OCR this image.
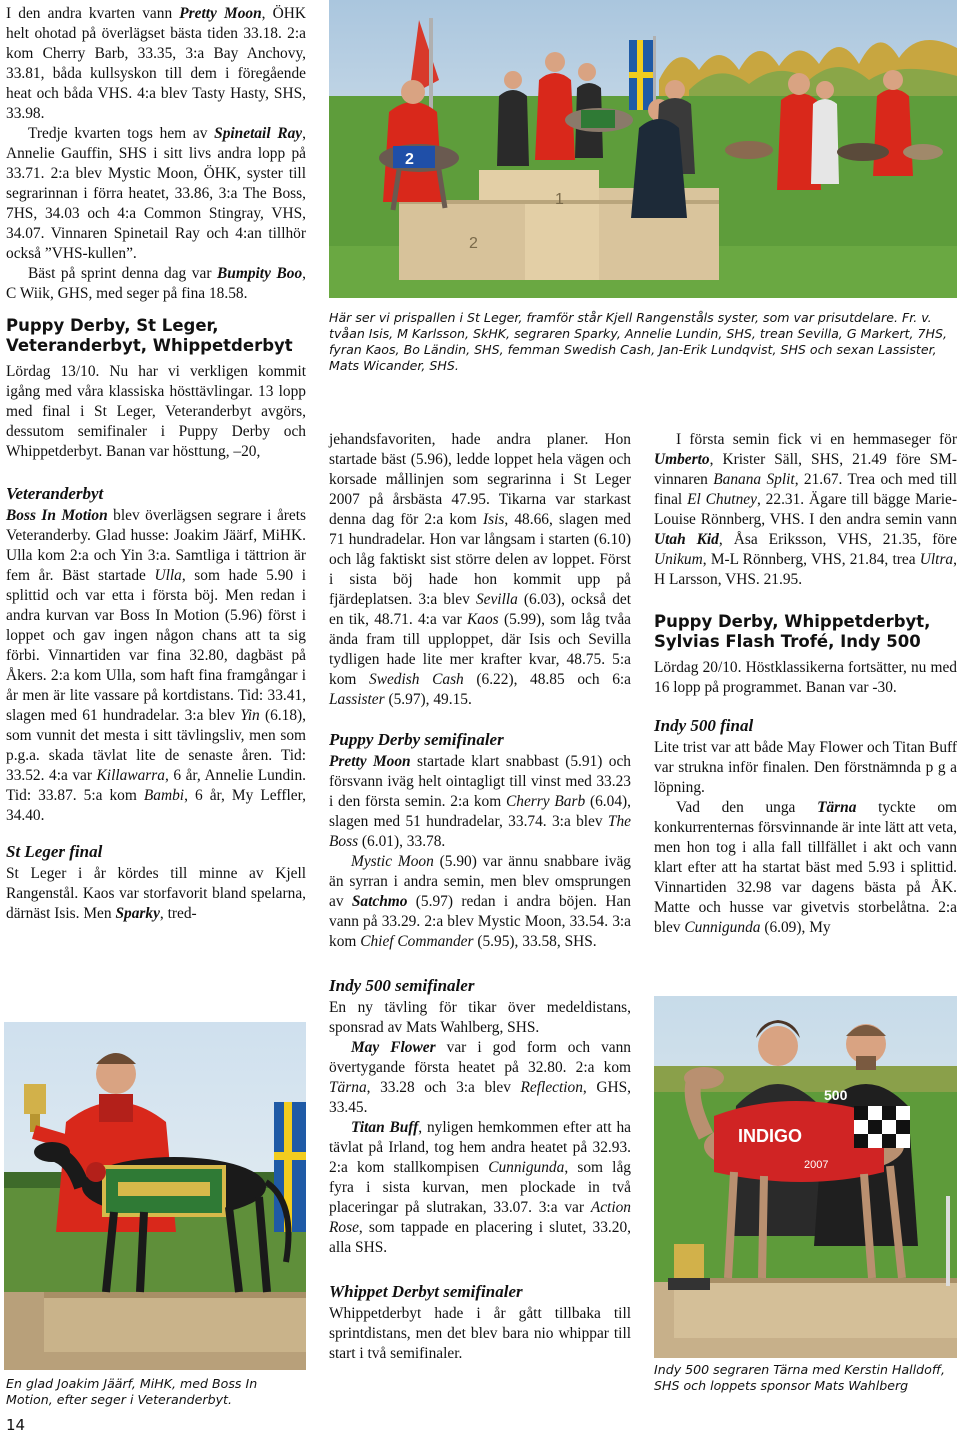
I den andra kvarten vann Pretty Moon, ÖHK helt ohotad på överlägset bästa tiden 33.18. 2:a kom Cherry Barb, 33.35, 3:a Bay Anchovy, 33.81, båda kullsyskon till dem i föregående heat och båda VHS. 4:a blev Tasty Hasty, SHS, 33.98.

Tredje kvarten togs hem av Spinetail Ray, Annelie Gauffin, SHS i sitt livs andra lopp på 33.71. 2:a blev Mystic Moon, ÖHK, syster till segrarinnan i förra heatet, 33.86, 3:a The Boss, 7HS, 34.03 och 4:a Common Stingray, VHS, 34.07. Vinnaren Spinetail Ray och 4:an tillhör också ”VHS-kullen”.

Bäst på sprint denna dag var Bumpity Boo, C Wiik, GHS, med seger på fina 18.58.

Puppy Derby, St Leger, Veteranderbyt, Whippetderbyt

Lördag 13/10. Nu har vi verkligen kommit igång med våra klassiska hösttävlingar. 13 lopp med final i St Leger, Veteranderbyt avgörs, dessutom semifinaler i Puppy Derby och Whippetderbyt. Banan var hösttung, –20,

Veteranderbyt

Boss In Motion blev överlägsen segrare i årets Veteranderby. Glad husse: Joakim Jäärf, MiHK. Ulla kom 2:a och Yin 3:a. Samtliga i tättrion är fem år. Bäst startade Ulla, som hade 5.90 i splittid och var etta i första böj. Men redan i andra kurvan var Boss In Motion (5.96) först i loppet och gav ingen någon chans att ta sig förbi. Vinnartiden var fina 32.80, dagbäst på Åkers. 2:a kom Ulla, som haft fina framgångar i år men är lite vassare på kortdistans. Tid: 33.41, slagen med 61 hundradelar. 3:a blev Yin (6.18), som vunnit det mesta i sitt tävlingsliv, men som p.g.a. skada tävlat lite de senaste åren. Tid: 33.52. 4:a var Killawarra, 6 år, Annelie Lundin. Tid: 33.87. 5:a kom Bambi, 6 år, My Leffler, 34.40.

St Leger final

St Leger i år kördes till minne av Kjell Rangenstål. Kaos var storfavorit bland spelarna, därnäst Isis. Men Sparky, tred-

En glad Joakim Jäärf, MiHK, med Boss In Motion, efter seger i Veteranderbyt.
14
2
1
2
Här ser vi prispallen i St Leger, framför står Kjell Rangenståls syster, som var prisutdelare. Fr. v. tvåan Isis, M Karlsson, SkHK, segraren Sparky, Annelie Lundin, SHS, trean Sevilla, G Markert, 7HS, fyran Kaos, Bo Ländin, SHS, femman Swedish Cash, Jan-Erik Lundqvist, SHS och sexan Lassister, Mats Wicander, SHS.

jehandsfavoriten, hade andra planer. Hon startade bäst (5.96), ledde loppet hela vägen och korsade mållinjen som segrarinna i St Leger 2007 på årsbästa 47.95. Tikarna var starkast denna dag för 2:a kom Isis, 48.66, slagen med 71 hundradelar. Hon var långsam i starten (6.10) och låg faktiskt sist större delen av loppet. Först i sista böj hade hon kommit upp på fjärdeplatsen. 3:a blev Sevilla (6.03), också det en tik, 48.71. 4:a var Kaos (5.99), som låg tvåa ända fram till upploppet, där Isis och Sevilla tydligen hade lite mer krafter kvar, 48.75. 5:a kom Swedish Cash (6.22), 48.85 och 6:a Lassister (5.97), 49.15.

Puppy Derby semifinaler

Pretty Moon startade klart snabbast (5.91) och försvann iväg helt ointagligt till vinst med 33.23 i den första semin. 2:a kom Cherry Barb (6.04), slagen med 51 hundradelar, 33.74. 3:a blev The Boss (6.01), 33.78.

Mystic Moon (5.90) var ännu snabbare iväg än syrran i andra semin, men blev omsprungen av Satchmo (5.97) redan i andra böjen. Han vann på 33.29. 2:a blev Mystic Moon, 33.54. 3:a kom Chief Commander (5.95), 33.58, SHS.

Indy 500 semifinaler

En ny tävling för tikar över medeldistans, sponsrad av Mats Wahlberg, SHS.

May Flower var i god form och vann övertygande första heatet på 32.80. 2:a kom Tärna, 33.28 och 3:a blev Reflection, GHS, 33.45.

Titan Buff, nyligen hemkommen efter att ha tävlat på Irland, tog hem andra heatet på 32.93. 2:a kom stallkompisen Cunnigunda, som låg fyra i sista kurvan, men plockade in två placeringar på slutrakan, 33.07. 3:a var Action Rose, som tappade en placering i slutet, 33.20, alla SHS.

Whippet Derbyt semifinaler

Whippetderbyt hade i år gått tillbaka till sprintdistans, men det blev bara nio whippar till start i två semifinaler.

I första semin fick vi en hemmaseger för Umberto, Krister Säll, SHS, 21.49 före SM-vinnaren Banana Split, 21.67. Trea och med till final El Chutney, 22.31. Ägare till bägge Marie-Louise Rönnberg, VHS. I den andra semin vann Utah Kid, Åsa Eriksson, VHS, 21.35, före Unikum, M-L Rönnberg, VHS, 21.84, trea Ultra, H Larsson, VHS. 21.95.

Puppy Derby, Whippetderbyt, Sylvias Flash Trofé, Indy 500

Lördag 20/10. Höstklassikerna fortsätter, nu med 16 lopp på programmet. Banan var -30.

Indy 500 final

Lite trist var att både May Flower och Titan Buff var strukna inför finalen. Den förstnämnda p g a löpning.

Vad den unga Tärna tyckte om konkurrenternas försvinnande är inte lätt att veta, men hon tog i alla fall tillfället i akt och vann klart efter att ha startat bäst med 5.93 i splittid. Vinnartiden 32.98 var dagens bästa på ÅK. Matte och husse var givetvis storbelåtna. 2:a blev Cunnigunda (6.09), My

INDIGO
2007
500
Indy 500 segraren Tärna med Kerstin Halldoff, SHS och loppets sponsor Mats Wahlberg
